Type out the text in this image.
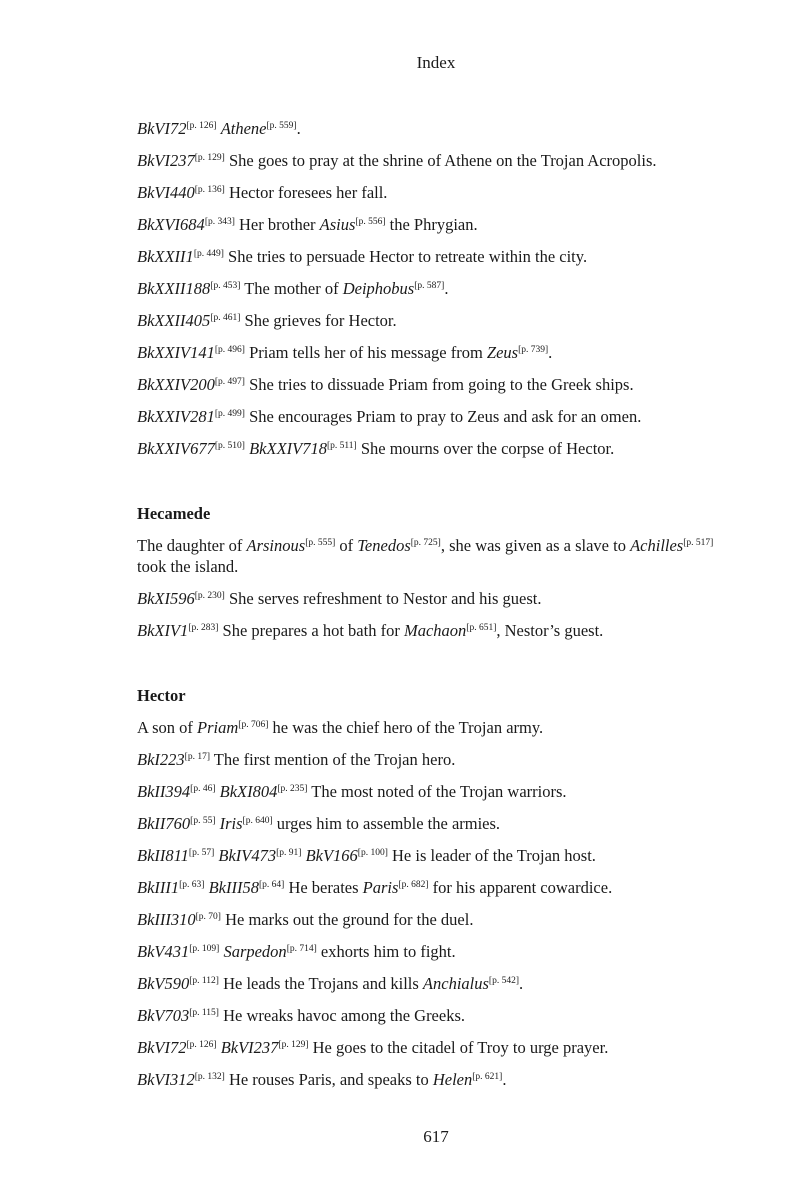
Index
BkVI72[p. 126] Athene[p. 559].
BkVI237[p. 129] She goes to pray at the shrine of Athene on the Trojan Acropolis.
BkVI440[p. 136] Hector foresees her fall.
BkXVI684[p. 343] Her brother Asius[p. 556] the Phrygian.
BkXXII1[p. 449] She tries to persuade Hector to retreate within the city.
BkXXII188[p. 453] The mother of Deiphobus[p. 587].
BkXXII405[p. 461] She grieves for Hector.
BkXXIV141[p. 496] Priam tells her of his message from Zeus[p. 739].
BkXXIV200[p. 497] She tries to dissuade Priam from going to the Greek ships.
BkXXIV281[p. 499] She encourages Priam to pray to Zeus and ask for an omen.
BkXXIV677[p. 510] BkXXIV718[p. 511] She mourns over the corpse of Hector.
Hecamede
The daughter of Arsinous[p. 555] of Tenedos[p. 725], she was given as a slave to Achilles[p. 517] took the island.
BkXI596[p. 230] She serves refreshment to Nestor and his guest.
BkXIV1[p. 283] She prepares a hot bath for Machaon[p. 651], Nestor’s guest.
Hector
A son of Priam[p. 706] he was the chief hero of the Trojan army.
BkI223[p. 17] The first mention of the Trojan hero.
BkII394[p. 46] BkXI804[p. 235] The most noted of the Trojan warriors.
BkII760[p. 55] Iris[p. 640] urges him to assemble the armies.
BkII811[p. 57] BkIV473[p. 91] BkV166[p. 100] He is leader of the Trojan host.
BkIII1[p. 63] BkIII58[p. 64] He berates Paris[p. 682] for his apparent cowardice.
BkIII310[p. 70] He marks out the ground for the duel.
BkV431[p. 109] Sarpedon[p. 714] exhorts him to fight.
BkV590[p. 112] He leads the Trojans and kills Anchialus[p. 542].
BkV703[p. 115] He wreaks havoc among the Greeks.
BkVI72[p. 126] BkVI237[p. 129] He goes to the citadel of Troy to urge prayer.
BkVI312[p. 132] He rouses Paris, and speaks to Helen[p. 621].
617
